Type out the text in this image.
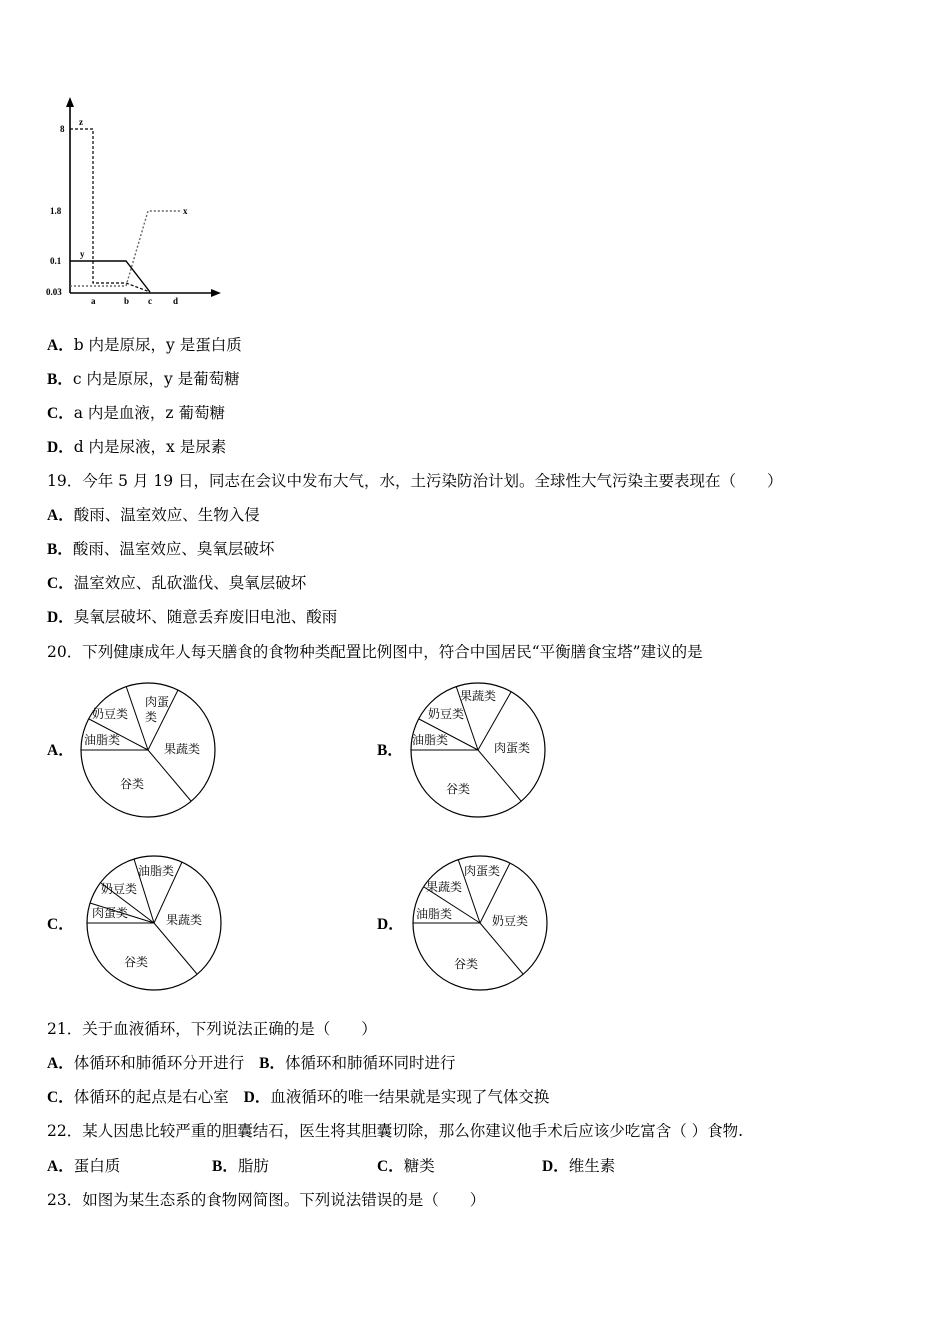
z
x
y
8
1.8
0.1
0.03
a	b c d
A．b 内是原尿，y 是蛋白质
B．c 内是原尿，y 是葡萄糖
C．a 内是血液，z 葡萄糖
D．d 内是尿液，x 是尿素
19．今年 5 月 19 日，同志在会议中发布大气，水，土污染防治计划。全球性大气污染主要表现在（　　）
A．酸雨、温室效应、生物入侵
B．酸雨、温室效应、臭氧层破坏
C．温室效应、乱砍滥伐、臭氧层破坏
D．臭氧层破坏、随意丢弃废旧电池、酸雨
20．下列健康成年人每天膳食的食物种类配置比例图中，符合中国居民“平衡膳食宝塔”建议的是
A．
肉蛋
类
奶豆类
油脂类
果蔬类
谷类
B．
果蔬类
奶豆类
油脂类
肉蛋类
谷类
C．
油脂类
奶豆类
肉蛋类	果蔬类
谷类
D．
肉蛋类
果蔬类
油脂类	奶豆类
谷类
21．关于血液循环，下列说法正确的是（　　）
A．体循环和肺循环分开进行 B．体循环和肺循环同时进行
C．体循环的起点是右心室 D．血液循环的唯一结果就是实现了气体交换
22．某人因患比较严重的胆囊结石，医生将其胆囊切除，那么你建议他手术后应该少吃富含（ ）食物.
A．蛋白质	B．脂肪	C．糖类	D．维生素
23．如图为某生态系的食物网简图。下列说法错误的是（　　）
